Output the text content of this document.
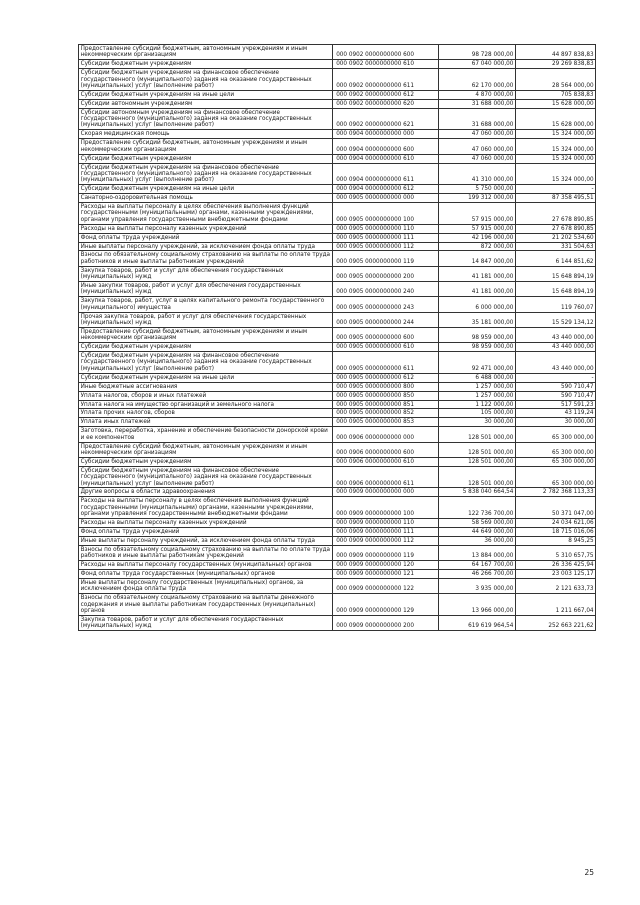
Предоставление субсидий бюджетным, автономным учреждениям и иным некоммерческим организациям	000 0902 0000000000 600	98 728 000,00	44 897 838,83
Субсидии бюджетным учреждениям	000 0902 0000000000 610	67 040 000,00	29 269 838,83
Субсидии бюджетным учреждениям на финансовое обеспечение государственного (муниципального) задания на оказание государственных (муниципальных) услуг (выполнение работ)	000 0902 0000000000 611	62 170 000,00	28 564 000,00
Субсидии бюджетным учреждениям на иные цели	000 0902 0000000000 612	4 870 000,00	705 838,83
Субсидии автономным учреждениям	000 0902 0000000000 620	31 688 000,00	15 628 000,00
Субсидии автономным учреждениям на финансовое обеспечение государственного (муниципального) задания на оказание государственных (муниципальных) услуг (выполнение работ)	000 0902 0000000000 621	31 688 000,00	15 628 000,00
Скорая медицинская помощь	000 0904 0000000000 000	47 060 000,00	15 324 000,00
Предоставление субсидий бюджетным, автономным учреждениям и иным некоммерческим организациям	000 0904 0000000000 600	47 060 000,00	15 324 000,00
Субсидии бюджетным учреждениям	000 0904 0000000000 610	47 060 000,00	15 324 000,00
Субсидии бюджетным учреждениям на финансовое обеспечение государственного (муниципального) задания на оказание государственных (муниципальных) услуг (выполнение работ)	000 0904 0000000000 611	41 310 000,00	15 324 000,00
Субсидии бюджетным учреждениям на иные цели	000 0904 0000000000 612	5 750 000,00	-
Санаторно-оздоровительная помощь	000 0905 0000000000 000	199 312 000,00	87 358 495,51
Расходы на выплаты персоналу в целях обеспечения выполнения функций государственными (муниципальными) органами, казенными учреждениями, органами управления государственными внебюджетными фондами	000 0905 0000000000 100	57 915 000,00	27 678 890,85
Расходы на выплаты персоналу казенных учреждений	000 0905 0000000000 110	57 915 000,00	27 678 890,85
Фонд оплаты труда учреждений	000 0905 0000000000 111	42 196 000,00	21 202 534,60
Иные выплаты персоналу учреждений, за исключением фонда оплаты труда	000 0905 0000000000 112	872 000,00	331 504,63
Взносы по обязательному социальному страхованию на выплаты по оплате труда работников и иные выплаты работникам учреждений	000 0905 0000000000 119	14 847 000,00	6 144 851,62
Закупка товаров, работ и услуг для обеспечения государственных (муниципальных) нужд	000 0905 0000000000 200	41 181 000,00	15 648 894,19
Иные закупки товаров, работ и услуг для обеспечения государственных (муниципальных) нужд	000 0905 0000000000 240	41 181 000,00	15 648 894,19
Закупка товаров, работ, услуг в целях капитального ремонта государственного (муниципального) имущества	000 0905 0000000000 243	6 000 000,00	119 760,07
Прочая закупка товаров, работ и услуг для обеспечения государственных (муниципальных) нужд	000 0905 0000000000 244	35 181 000,00	15 529 134,12
Предоставление субсидий бюджетным, автономным учреждениям и иным некоммерческим организациям	000 0905 0000000000 600	98 959 000,00	43 440 000,00
Субсидии бюджетным учреждениям	000 0905 0000000000 610	98 959 000,00	43 440 000,00
Субсидии бюджетным учреждениям на финансовое обеспечение государственного (муниципального) задания на оказание государственных (муниципальных) услуг (выполнение работ)	000 0905 0000000000 611	92 471 000,00	43 440 000,00
Субсидии бюджетным учреждениям на иные цели	000 0905 0000000000 612	6 488 000,00	-
Иные бюджетные ассигнования	000 0905 0000000000 800	1 257 000,00	590 710,47
Уплата налогов, сборов и иных платежей	000 0905 0000000000 850	1 257 000,00	590 710,47
Уплата налога на имущество организаций и земельного налога	000 0905 0000000000 851	1 122 000,00	517 591,23
Уплата прочих налогов, сборов	000 0905 0000000000 852	105 000,00	43 119,24
Уплата иных платежей	000 0905 0000000000 853	30 000,00	30 000,00
Заготовка, переработка, хранение и обеспечение безопасности донорской крови и ее компонентов	000 0906 0000000000 000	128 501 000,00	65 300 000,00
Предоставление субсидий бюджетным, автономным учреждениям и иным некоммерческим организациям	000 0906 0000000000 600	128 501 000,00	65 300 000,00
Субсидии бюджетным учреждениям	000 0906 0000000000 610	128 501 000,00	65 300 000,00
Субсидии бюджетным учреждениям на финансовое обеспечение государственного (муниципального) задания на оказание государственных (муниципальных) услуг (выполнение работ)	000 0906 0000000000 611	128 501 000,00	65 300 000,00
Другие вопросы в области здравоохранения	000 0909 0000000000 000	5 838 040 664,54	2 782 368 113,33
Расходы на выплаты персоналу в целях обеспечения выполнения функций государственными (муниципальными) органами, казенными учреждениями, органами управления государственными внебюджетными фондами	000 0909 0000000000 100	122 736 700,00	50 371 047,00
Расходы на выплаты персоналу казенных учреждений	000 0909 0000000000 110	58 569 000,00	24 034 621,06
Фонд оплаты труда учреждений	000 0909 0000000000 111	44 649 000,00	18 715 016,06
Иные выплаты персоналу учреждений, за исключением фонда оплаты труда	000 0909 0000000000 112	36 000,00	8 945,25
Взносы по обязательному социальному страхованию на выплаты по оплате труда работников и иные выплаты работникам учреждений	000 0909 0000000000 119	13 884 000,00	5 310 657,75
Расходы на выплаты персоналу государственных (муниципальных) органов	000 0909 0000000000 120	64 167 700,00	26 336 425,94
Фонд оплаты труда государственных (муниципальных) органов	000 0909 0000000000 121	46 266 700,00	23 003 125,17
Иные выплаты персоналу государственных (муниципальных) органов, за исключением фонда оплаты труда	000 0909 0000000000 122	3 935 000,00	2 121 633,73
Взносы по обязательному социальному страхованию на выплаты денежного содержания и иные выплаты работникам государственных (муниципальных) органов	000 0909 0000000000 129	13 966 000,00	1 211 667,04
Закупка товаров, работ и услуг для обеспечения государственных (муниципальных) нужд	000 0909 0000000000 200	619 619 964,54	252 663 221,62
25
